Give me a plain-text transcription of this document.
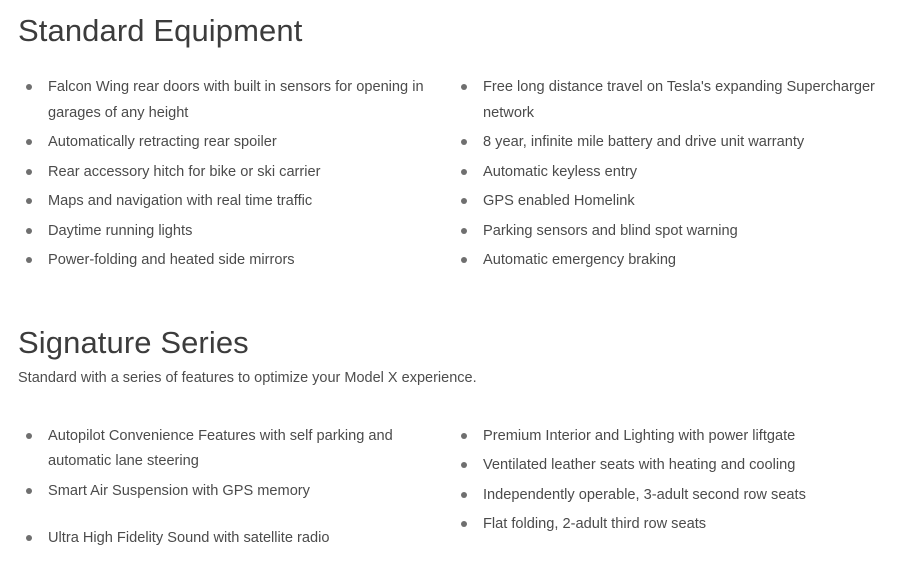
Standard Equipment
Falcon Wing rear doors with built in sensors for opening in garages of any height
Automatically retracting rear spoiler
Rear accessory hitch for bike or ski carrier
Maps and navigation with real time traffic
Daytime running lights
Power-folding and heated side mirrors
Free long distance travel on Tesla's expanding Supercharger network
8 year, infinite mile battery and drive unit warranty
Automatic keyless entry
GPS enabled Homelink
Parking sensors and blind spot warning
Automatic emergency braking
Signature Series

Standard with a series of features to optimize your Model X experience.

Autopilot Convenience Features with self parking and automatic lane steering
Smart Air Suspension with GPS memory
Ultra High Fidelity Sound with satellite radio
Premium Interior and Lighting with power liftgate
Ventilated leather seats with heating and cooling
Independently operable, 3-adult second row seats
Flat folding, 2-adult third row seats
